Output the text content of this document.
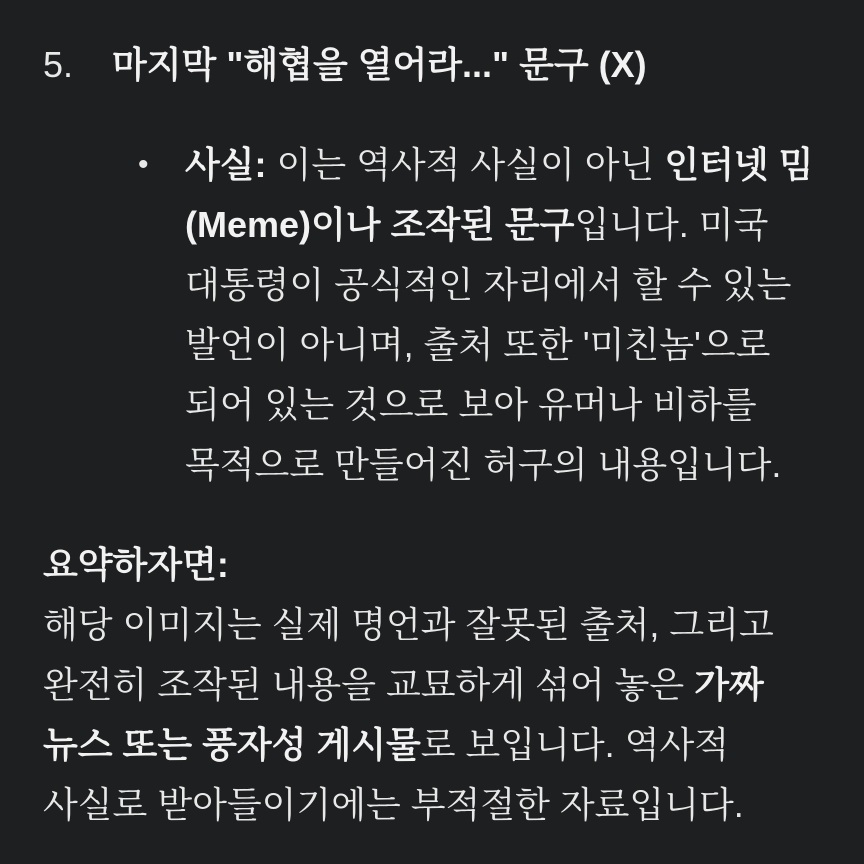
5.	마지막 "해협을 열어라..." 문구 (X)
•	사실: 이는 역사적 사실이 아닌 인터넷 밈(Meme)이나 조작된 문구입니다. 미국 대통령이 공식적인 자리에서 할 수 있는 발언이 아니며, 출처 또한 '미친놈'으로 되어 있는 것으로 보아 유머나 비하를 목적으로 만들어진 허구의 내용입니다.

요약하자면:
해당 이미지는 실제 명언과 잘못된 출처, 그리고 완전히 조작된 내용을 교묘하게 섞어 놓은 가짜 뉴스 또는 풍자성 게시물로 보입니다. 역사적 사실로 받아들이기에는 부적절한 자료입니다.
